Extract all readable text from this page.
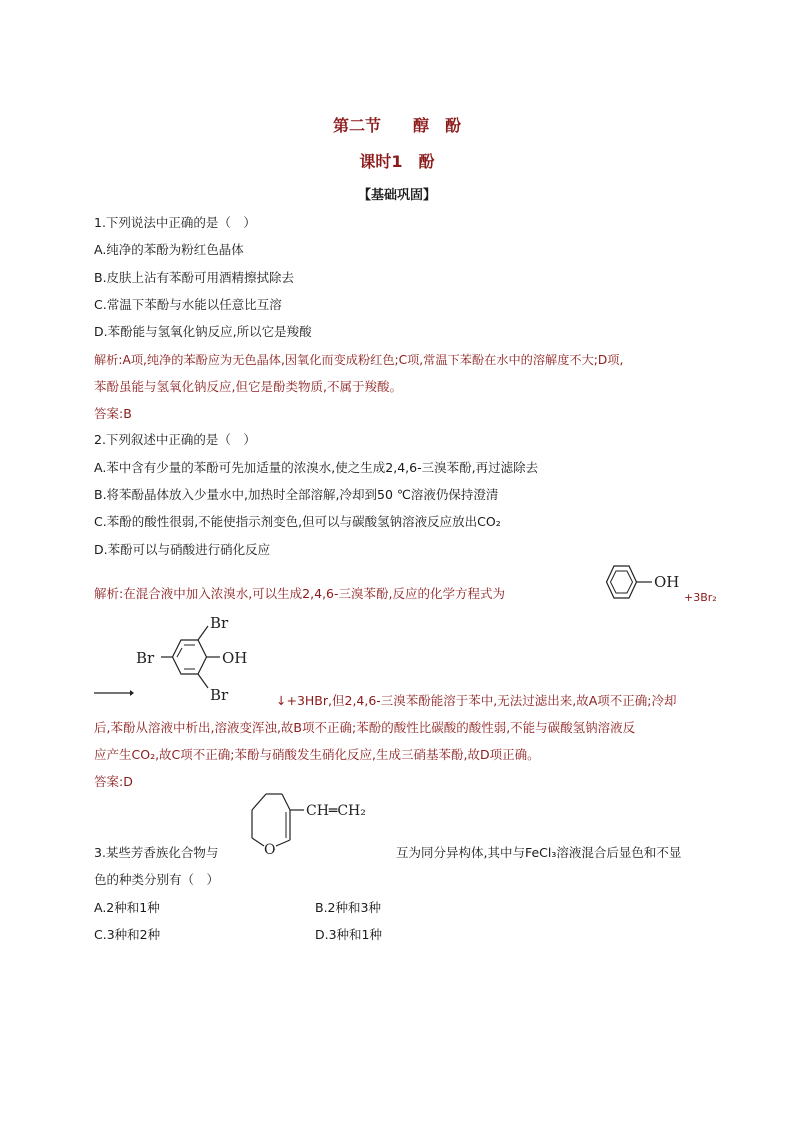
第二节　　醇　酚
课时1　酚
【基础巩固】
1.下列说法中正确的是（　）
A.纯净的苯酚为粉红色晶体
B.皮肤上沾有苯酚可用酒精擦拭除去
C.常温下苯酚与水能以任意比互溶
D.苯酚能与氢氧化钠反应,所以它是羧酸
解析:A项,纯净的苯酚应为无色晶体,因氧化而变成粉红色;C项,常温下苯酚在水中的溶解度不大;D项,
苯酚虽能与氢氧化钠反应,但它是酚类物质,不属于羧酸。
答案:B
2.下列叙述中正确的是（　）
A.苯中含有少量的苯酚可先加适量的浓溴水,使之生成2,4,6-三溴苯酚,再过滤除去
B.将苯酚晶体放入少量水中,加热时全部溶解,冷却到50 ℃溶液仍保持澄清
C.苯酚的酸性很弱,不能使指示剂变色,但可以与碳酸氢钠溶液反应放出CO₂
D.苯酚可以与硝酸进行硝化反应
解析:在混合液中加入浓溴水,可以生成2,4,6-三溴苯酚,反应的化学方程式为
OH
+3Br₂
Br
Br	OH
Br	↓+3HBr,但2,4,6-三溴苯酚能溶于苯中,无法过滤出来,故A项不正确;冷却
后,苯酚从溶液中析出,溶液变浑浊,故B项不正确;苯酚的酸性比碳酸的酸性弱,不能与碳酸氢钠溶液反
应产生CO₂,故C项不正确;苯酚与硝酸发生硝化反应,生成三硝基苯酚,故D项正确。
答案:D
O
CH═CH₂
3.某些芳香族化合物与	互为同分异构体,其中与FeCl₃溶液混合后显色和不显
色的种类分别有（　）
A.2种和1种	B.2种和3种
C.3种和2种	D.3种和1种
